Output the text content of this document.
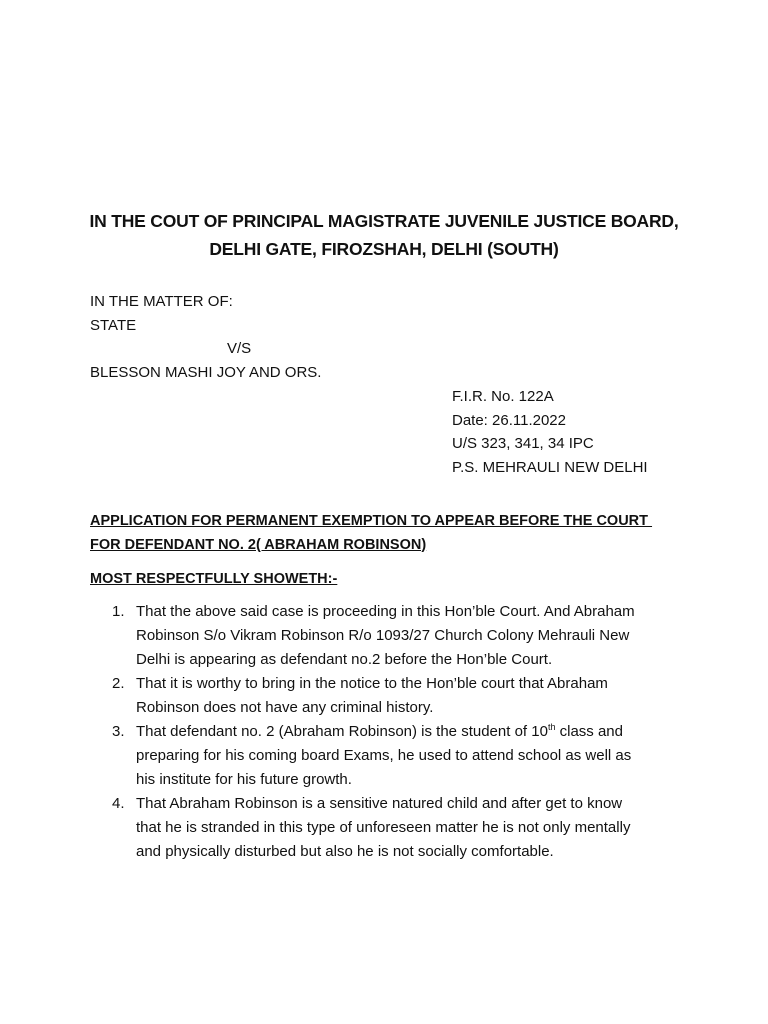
IN THE COUT OF PRINCIPAL MAGISTRATE JUVENILE JUSTICE BOARD,
DELHI GATE, FIROZSHAH, DELHI (SOUTH)
IN THE MATTER OF:
STATE
V/S
BLESSON MASHI JOY AND ORS.
F.I.R. No. 122A
Date: 26.11.2022
U/S 323, 341, 34 IPC
P.S. MEHRAULI NEW DELHI
APPLICATION FOR PERMANENT EXEMPTION TO APPEAR BEFORE THE COURT
FOR DEFENDANT NO. 2( ABRAHAM ROBINSON)
MOST RESPECTFULLY SHOWETH:-
1. That the above said case is proceeding in this Hon’ble Court. And Abraham
Robinson S/o Vikram Robinson R/o 1093/27 Church Colony Mehrauli New
Delhi is appearing as defendant no.2 before the Hon’ble Court.
2. That it is worthy to bring in the notice to the Hon’ble court that Abraham
Robinson does not have any criminal history.
3. That defendant no. 2 (Abraham Robinson) is the student of 10th class and
preparing for his coming board Exams, he used to attend school as well as
his institute for his future growth.
4. That Abraham Robinson is a sensitive natured child and after get to know
that he is stranded in this type of unforeseen matter he is not only mentally
and physically disturbed but also he is not socially comfortable.
